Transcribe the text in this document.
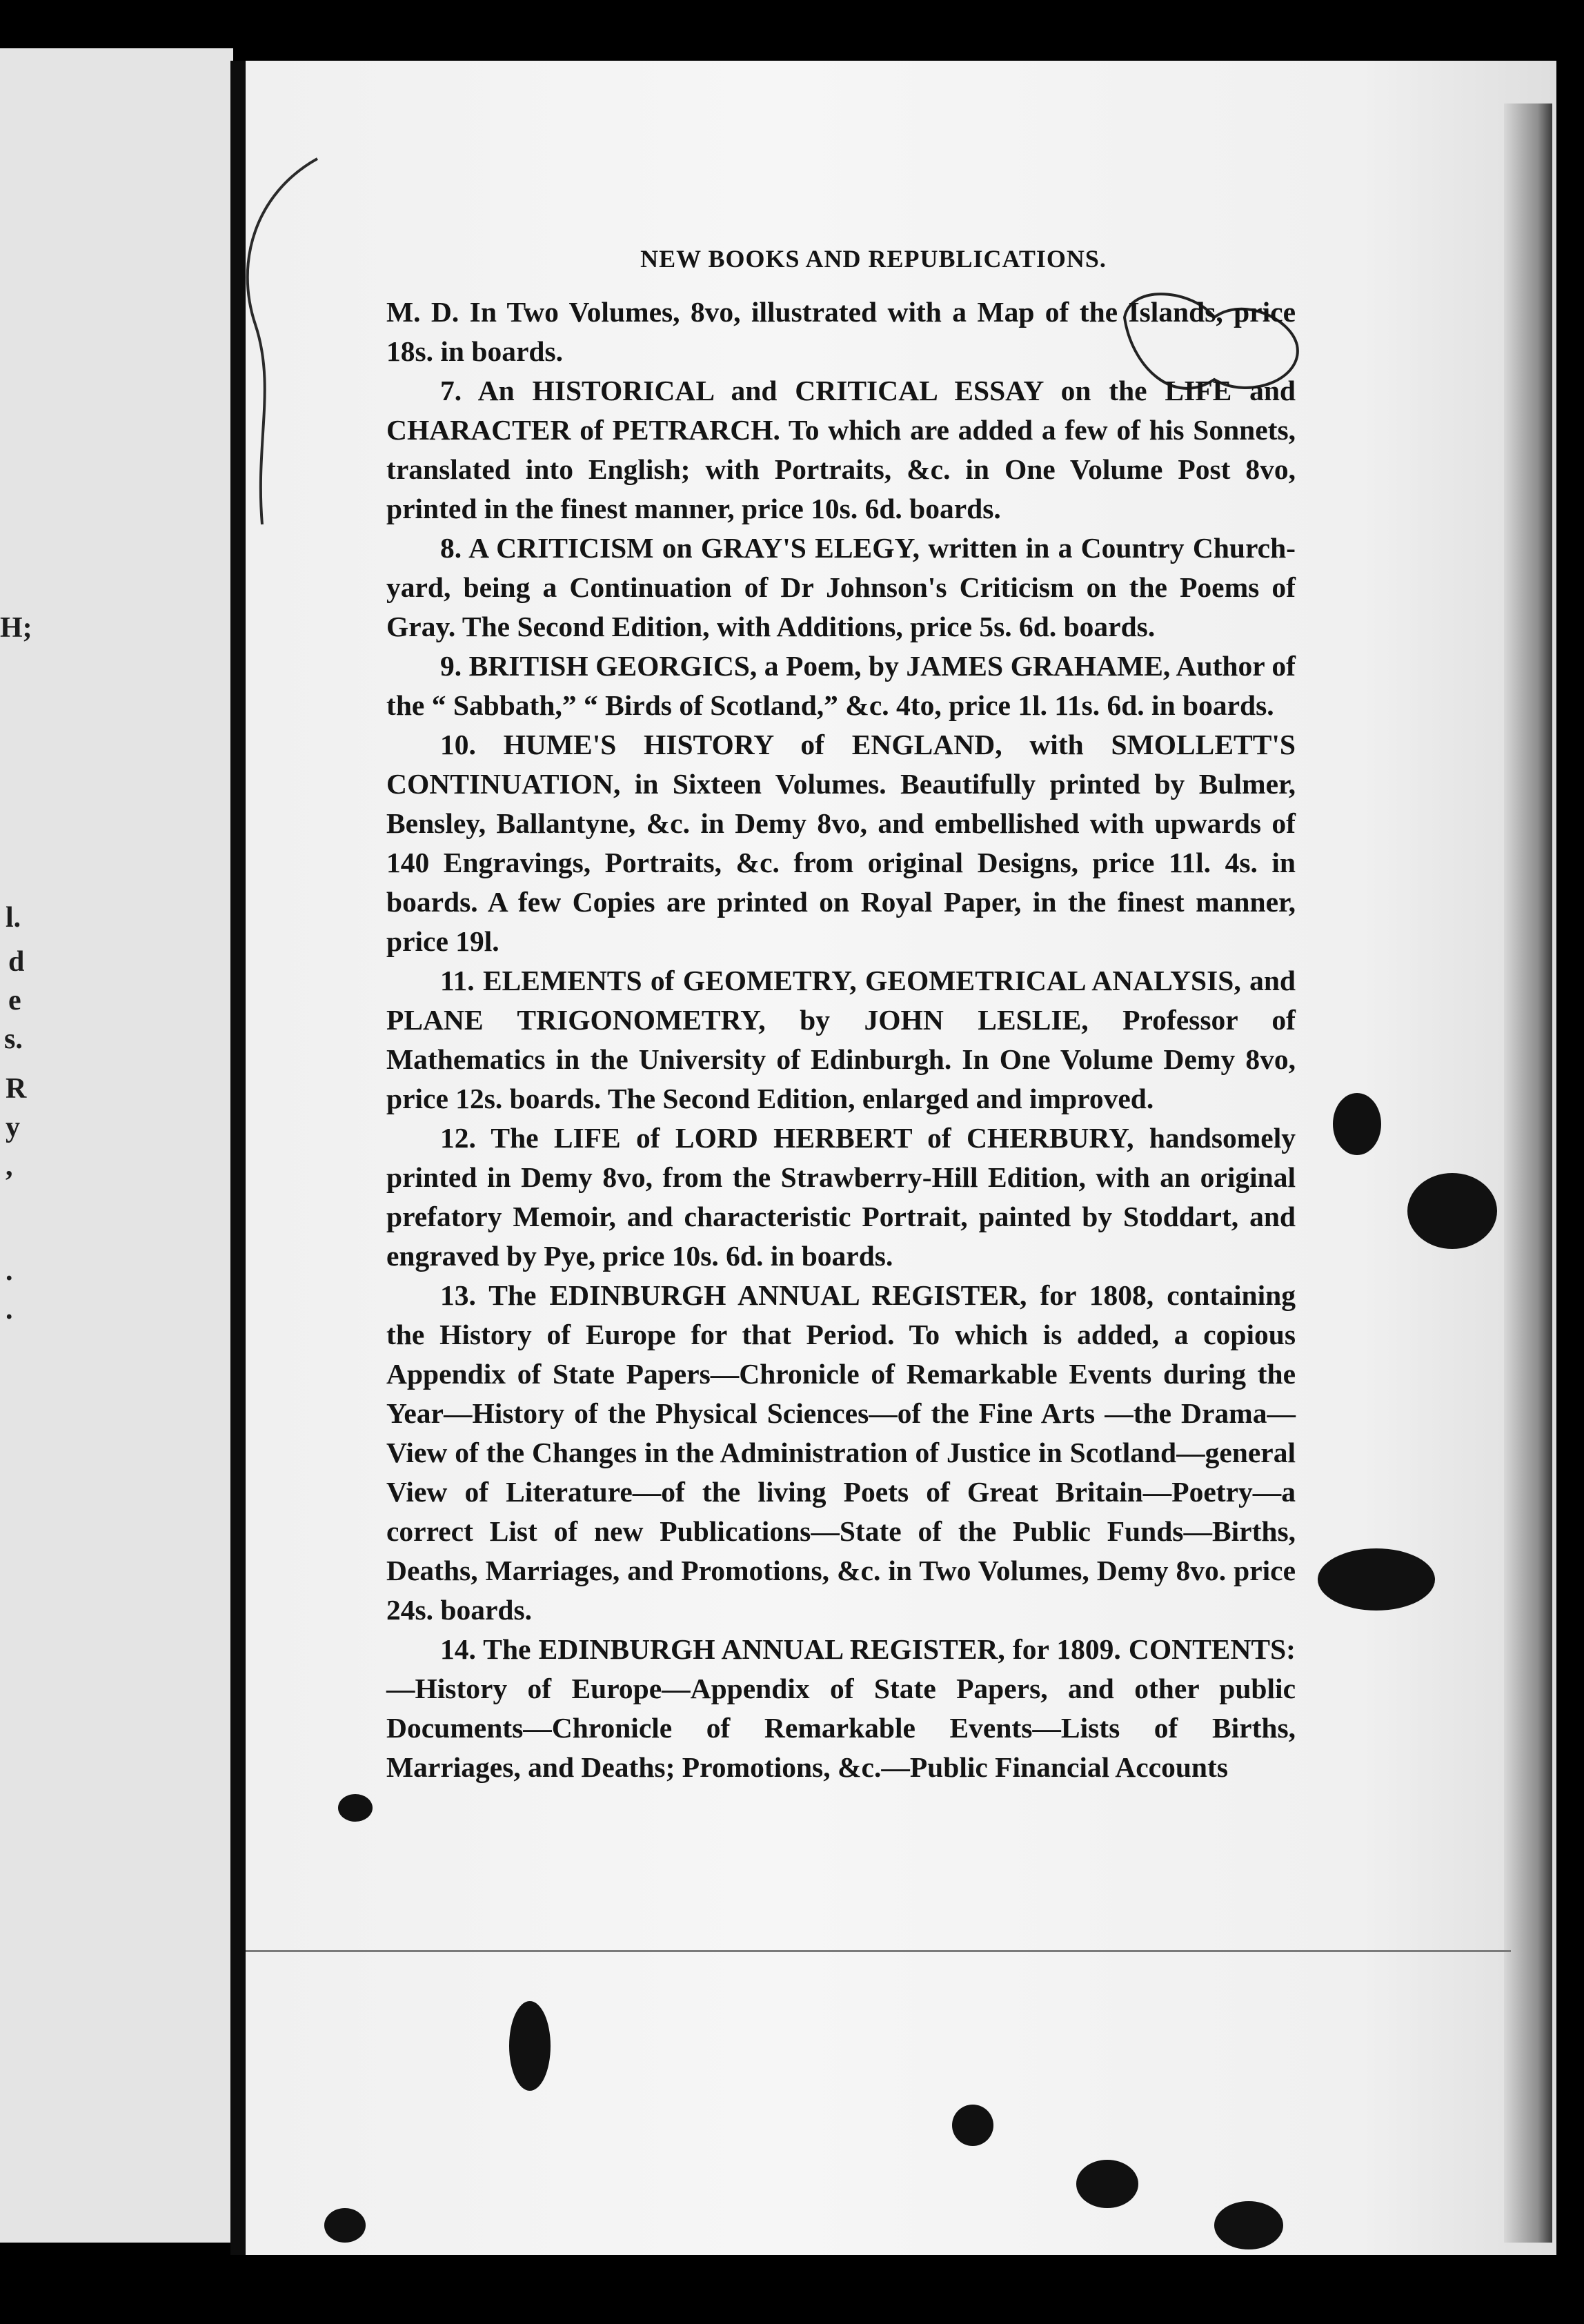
H;
l.
d
e
s.
R
y
,
.
.
NEW BOOKS AND REPUBLICATIONS.

M. D. In Two Volumes, 8vo, illustrated with a Map of the Islands, price 18s. in boards.

7. An HISTORICAL and CRITICAL ESSAY on the LIFE and CHARACTER of PETRARCH. To which are added a few of his Sonnets, translated into English; with Portraits, &c. in One Volume Post 8vo, printed in the finest manner, price 10s. 6d. boards.

8. A CRITICISM on GRAY'S ELEGY, written in a Country Church-yard, being a Continuation of Dr Johnson's Criticism on the Poems of Gray. The Second Edition, with Additions, price 5s. 6d. boards.

9. BRITISH GEORGICS, a Poem, by JAMES GRAHAME, Author of the “ Sabbath,” “ Birds of Scotland,” &c. 4to, price 1l. 11s. 6d. in boards.

10. HUME'S HISTORY of ENGLAND, with SMOLLETT'S CONTINUATION, in Sixteen Volumes. Beautifully printed by Bulmer, Bensley, Ballantyne, &c. in Demy 8vo, and embellished with upwards of 140 Engravings, Portraits, &c. from original Designs, price 11l. 4s. in boards. A few Copies are printed on Royal Paper, in the finest manner, price 19l.

11. ELEMENTS of GEOMETRY, GEOMETRICAL ANALYSIS, and PLANE TRIGONOMETRY, by JOHN LESLIE, Professor of Mathematics in the University of Edinburgh. In One Volume Demy 8vo, price 12s. boards. The Second Edition, enlarged and improved.

12. The LIFE of LORD HERBERT of CHERBURY, handsomely printed in Demy 8vo, from the Strawberry-Hill Edition, with an original prefatory Memoir, and characteristic Portrait, painted by Stoddart, and engraved by Pye, price 10s. 6d. in boards.

13. The EDINBURGH ANNUAL REGISTER, for 1808, containing the History of Europe for that Period. To which is added, a copious Appendix of State Papers—Chronicle of Remarkable Events during the Year—History of the Physical Sciences—of the Fine Arts —the Drama—View of the Changes in the Administration of Justice in Scotland—general View of Literature—of the living Poets of Great Britain—Poetry—a correct List of new Publications—State of the Public Funds—Births, Deaths, Marriages, and Promotions, &c. in Two Volumes, Demy 8vo. price 24s. boards.

14. The EDINBURGH ANNUAL REGISTER, for 1809. CONTENTS:—History of Europe—Appendix of State Papers, and other public Documents—Chronicle of Remarkable Events—Lists of Births, Marriages, and Deaths; Promotions, &c.—Public Financial Accounts
